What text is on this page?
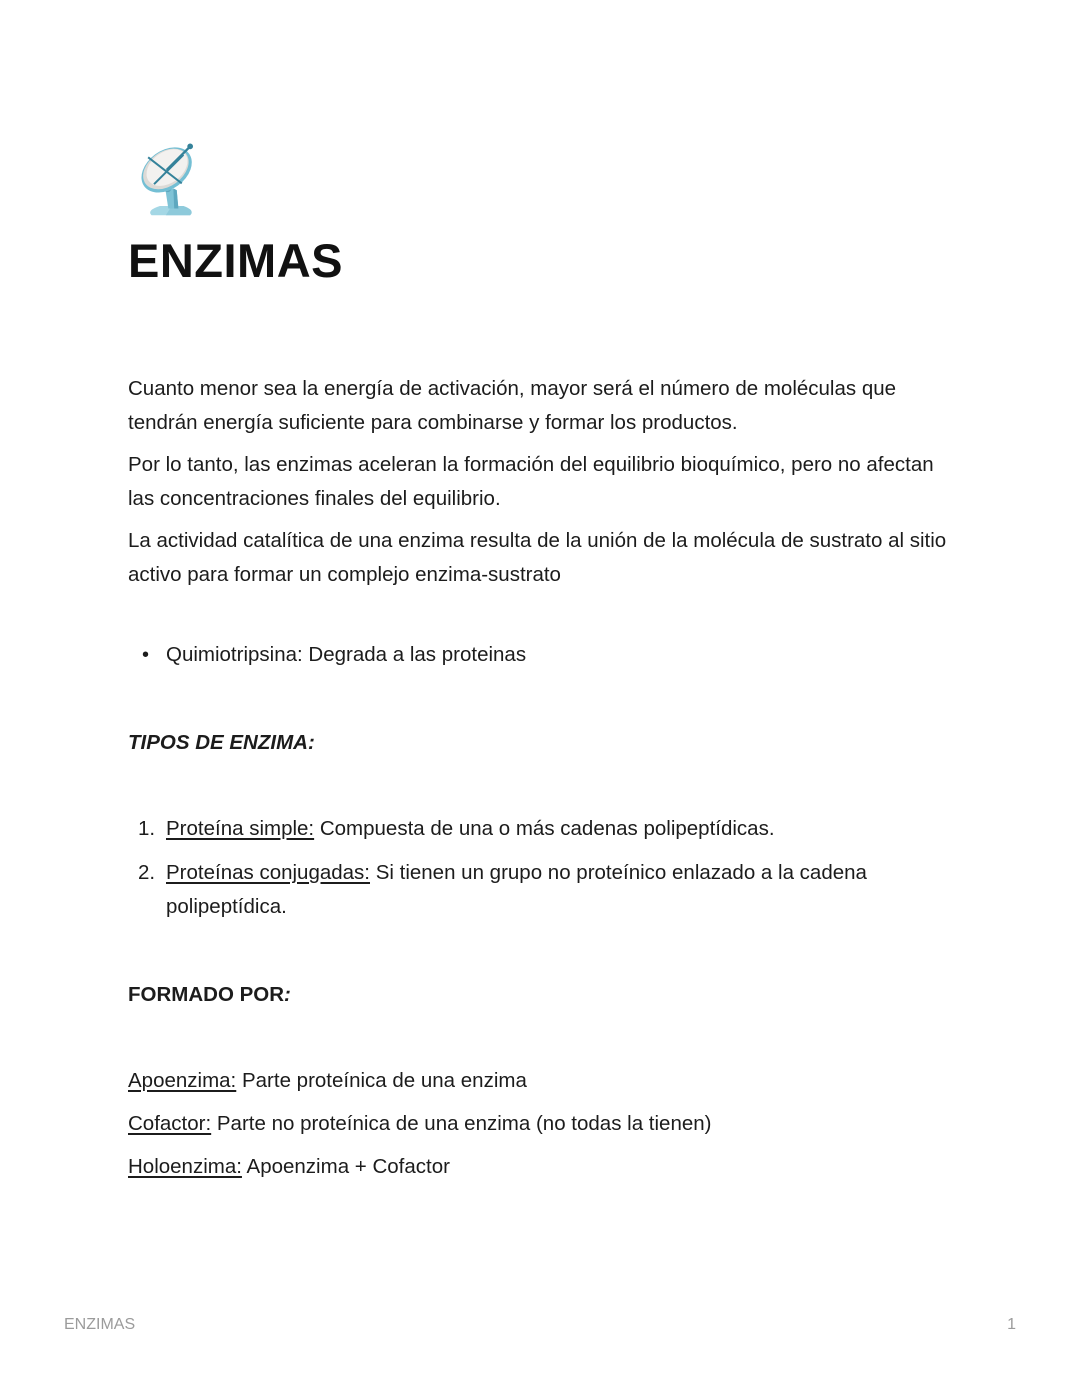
ENZIMAS

Cuanto menor sea la energía de activación, mayor será el número de moléculas que tendrán energía suficiente para combinarse y formar los productos.

Por lo tanto, las enzimas aceleran la formación del equilibrio bioquímico, pero no afectan las concentraciones finales del equilibrio.

La actividad catalítica de una enzima resulta de la unión de la molécula de sustrato al sitio activo para formar un complejo enzima-sustrato

• Quimiotripsina: Degrada a las proteinas
TIPOS DE ENZIMA:
1. Proteína simple: Compuesta de una o más cadenas polipeptídicas.
2. Proteínas conjugadas: Si tienen un grupo no proteínico enlazado a la cadena polipeptídica.
FORMADO POR:
Apoenzima: Parte proteínica de una enzima
Cofactor: Parte no proteínica de una enzima (no todas la tienen)
Holoenzima: Apoenzima + Cofactor
ENZIMAS	1
